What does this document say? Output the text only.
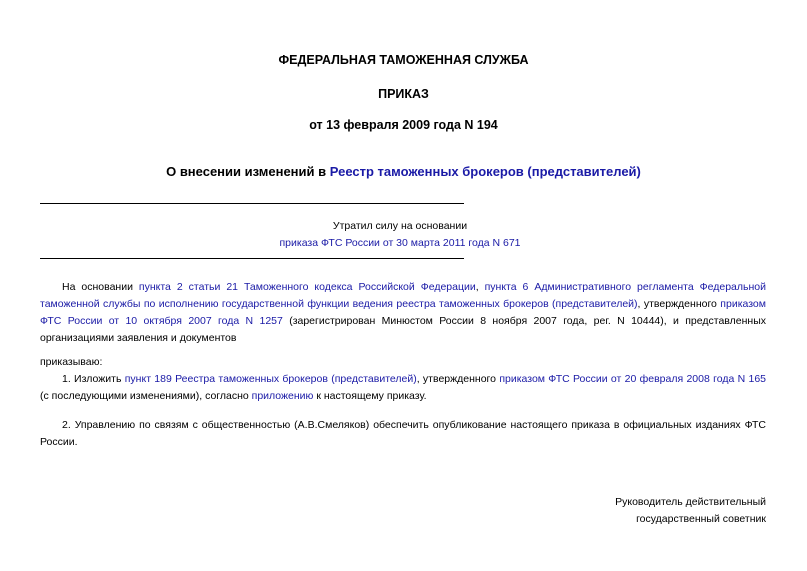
ФЕДЕРАЛЬНАЯ ТАМОЖЕННАЯ СЛУЖБА
ПРИКАЗ
от 13 февраля 2009 года N 194
О внесении изменений в Реестр таможенных брокеров (представителей)
Утратил силу на основании
приказа ФТС России от 30 марта 2011 года N 671
На основании пункта 2 статьи 21 Таможенного кодекса Российской Федерации, пункта 6 Административного регламента Федеральной таможенной службы по исполнению государственной функции ведения реестра таможенных брокеров (представителей), утвержденного приказом ФТС России от 10 октября 2007 года N 1257 (зарегистрирован Минюстом России 8 ноября 2007 года, рег. N 10444), и представленных организациями заявления и документов
приказываю:
1. Изложить пункт 189 Реестра таможенных брокеров (представителей), утвержденного приказом ФТС России от 20 февраля 2008 года N 165 (с последующими изменениями), согласно приложению к настоящему приказу.
2. Управлению по связям с общественностью (А.В.Смеляков) обеспечить опубликование настоящего приказа в официальных изданиях ФТС России.
Руководитель действительный
государственный советник
